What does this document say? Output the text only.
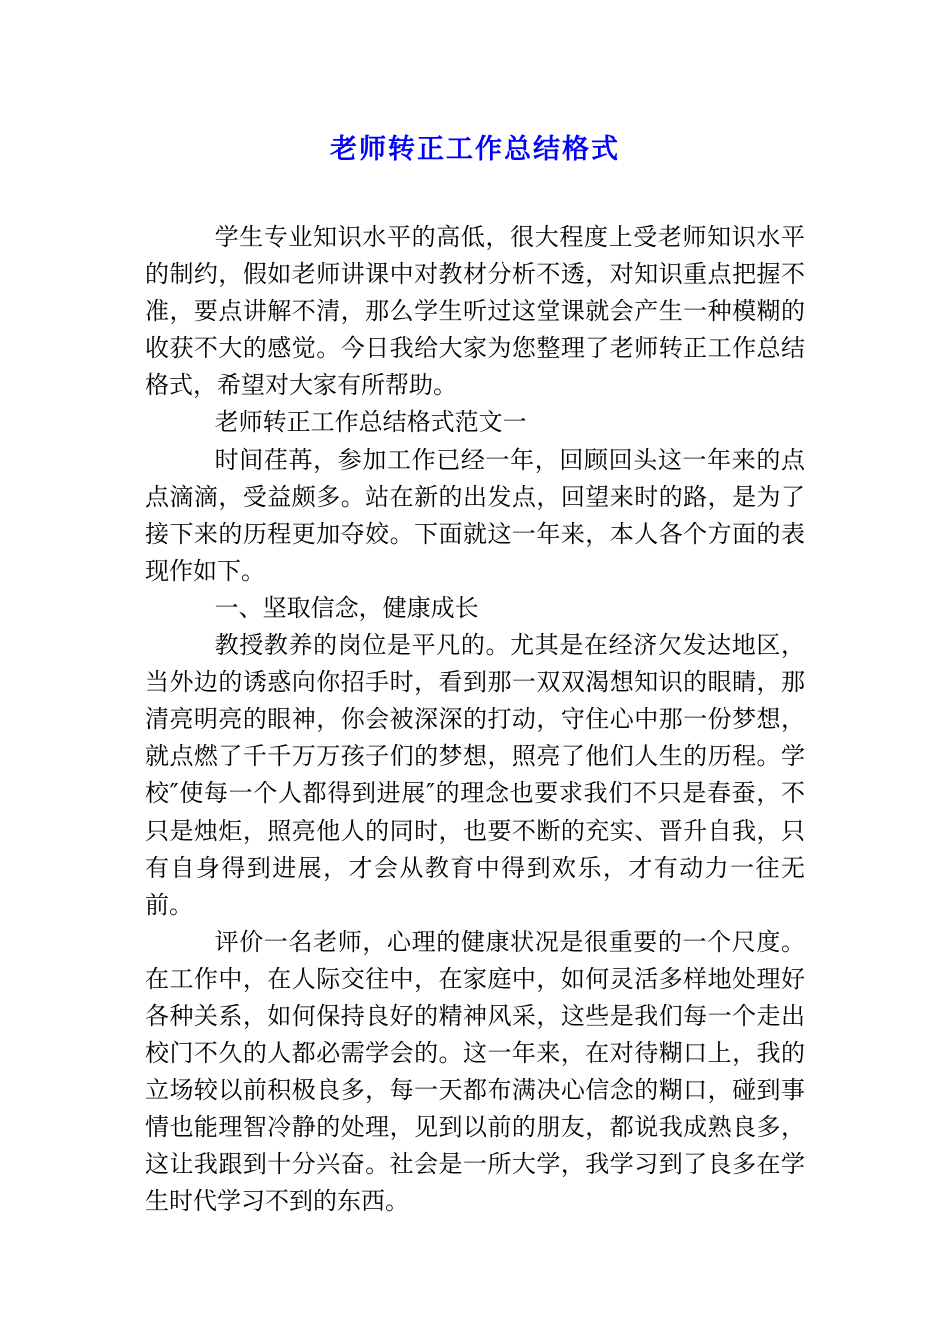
老师转正工作总结格式

学生专业知识水平的高低，很大程度上受老师知识水平的制约，假如老师讲课中对教材分析不透，对知识重点把握不准，要点讲解不清，那么学生听过这堂课就会产生一种模糊的收获不大的感觉。今日我给大家为您整理了老师转正工作总结格式，希望对大家有所帮助。

老师转正工作总结格式范文一

时间荏苒，参加工作已经一年，回顾回头这一年来的点点滴滴，受益颇多。站在新的出发点，回望来时的路，是为了接下来的历程更加夺姣。下面就这一年来，本人各个方面的表现作如下。

一、坚取信念，健康成长

教授教养的岗位是平凡的。尤其是在经济欠发达地区，当外边的诱惑向你招手时，看到那一双双渴想知识的眼睛，那清亮明亮的眼神，你会被深深的打动，守住心中那一份梦想，就点燃了千千万万孩子们的梦想，照亮了他们人生的历程。学校″使每一个人都得到进展″的理念也要求我们不只是春蚕，不只是烛炬，照亮他人的同时，也要不断的充实、晋升自我，只有自身得到进展，才会从教育中得到欢乐，才有动力一往无前。

评价一名老师，心理的健康状况是很重要的一个尺度。在工作中，在人际交往中，在家庭中，如何灵活多样地处理好各种关系，如何保持良好的精神风采，这些是我们每一个走出校门不久的人都必需学会的。这一年来，在对待糊口上，我的立场较以前积极良多，每一天都布满决心信念的糊口，碰到事情也能理智冷静的处理，见到以前的朋友，都说我成熟良多，这让我跟到十分兴奋。社会是一所大学，我学习到了良多在学生时代学习不到的东西。
